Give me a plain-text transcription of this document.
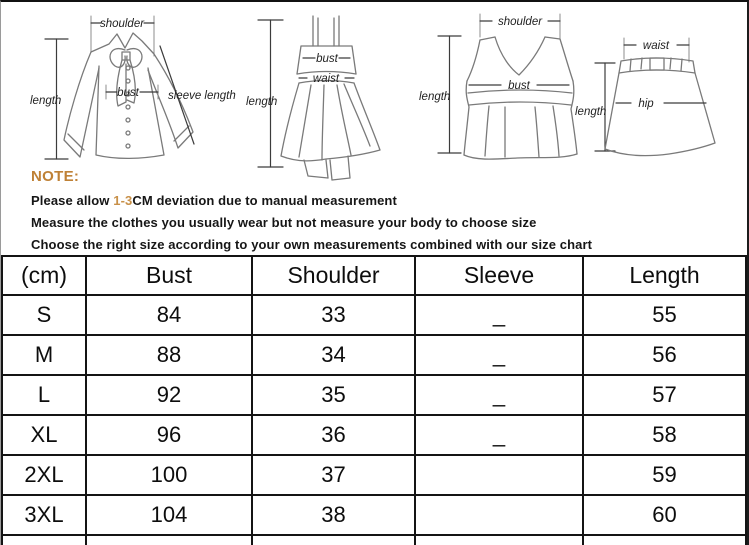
shoulder
length
bust	sleeve length length
bust
waist
shoulder
length
bust
waist
length
hip
NOTE:

Please allow 1-3CM deviation due to manual measurement

Measure the clothes you usually wear but not measure your body to choose size

Choose the right size according to your own measurements combined with our size chart

(cm)	Bust	Shoulder	Sleeve	Length
S	84	33	_	55
M	88	34	_	56
L	92	35	_	57
XL	96	36	_	58
2XL	100	37		59
3XL	104	38		60
